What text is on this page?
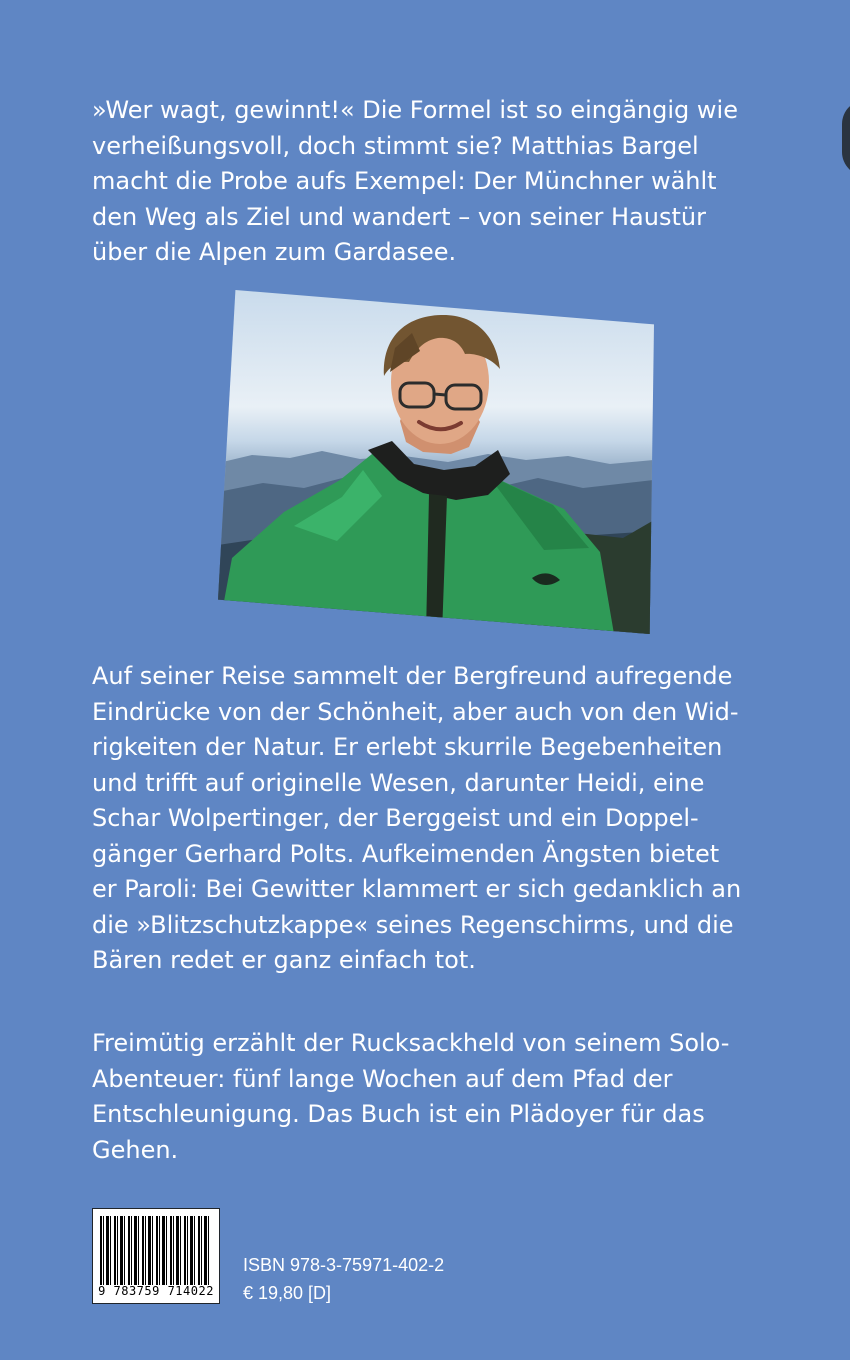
»Wer wagt, gewinnt!« Die Formel ist so eingängig wie
verheißungsvoll, doch stimmt sie? Matthias Bargel
macht die Probe aufs Exempel: Der Münchner wählt
den Weg als Ziel und wandert – von seiner Haustür
über die Alpen zum Gardasee.

Auf seiner Reise sammelt der Bergfreund aufregende
Eindrücke von der Schönheit, aber auch von den Wid-
rigkeiten der Natur. Er erlebt skurrile Begebenheiten
und trifft auf originelle Wesen, darunter Heidi, eine
Schar Wolpertinger, der Berggeist und ein Doppel-
gänger Gerhard Polts. Aufkeimenden Ängsten bietet
er Paroli: Bei Gewitter klammert er sich gedanklich an
die »Blitzschutzkappe« seines Regenschirms, und die
Bären redet er ganz einfach tot.

Freimütig erzählt der Rucksackheld von seinem Solo-
Abenteuer: fünf lange Wochen auf dem Pfad der
Entschleunigung. Das Buch ist ein Plädoyer für das
Gehen.

9 783759 714022
ISBN 978-3-75971-402-2
€ 19,80 [D]
